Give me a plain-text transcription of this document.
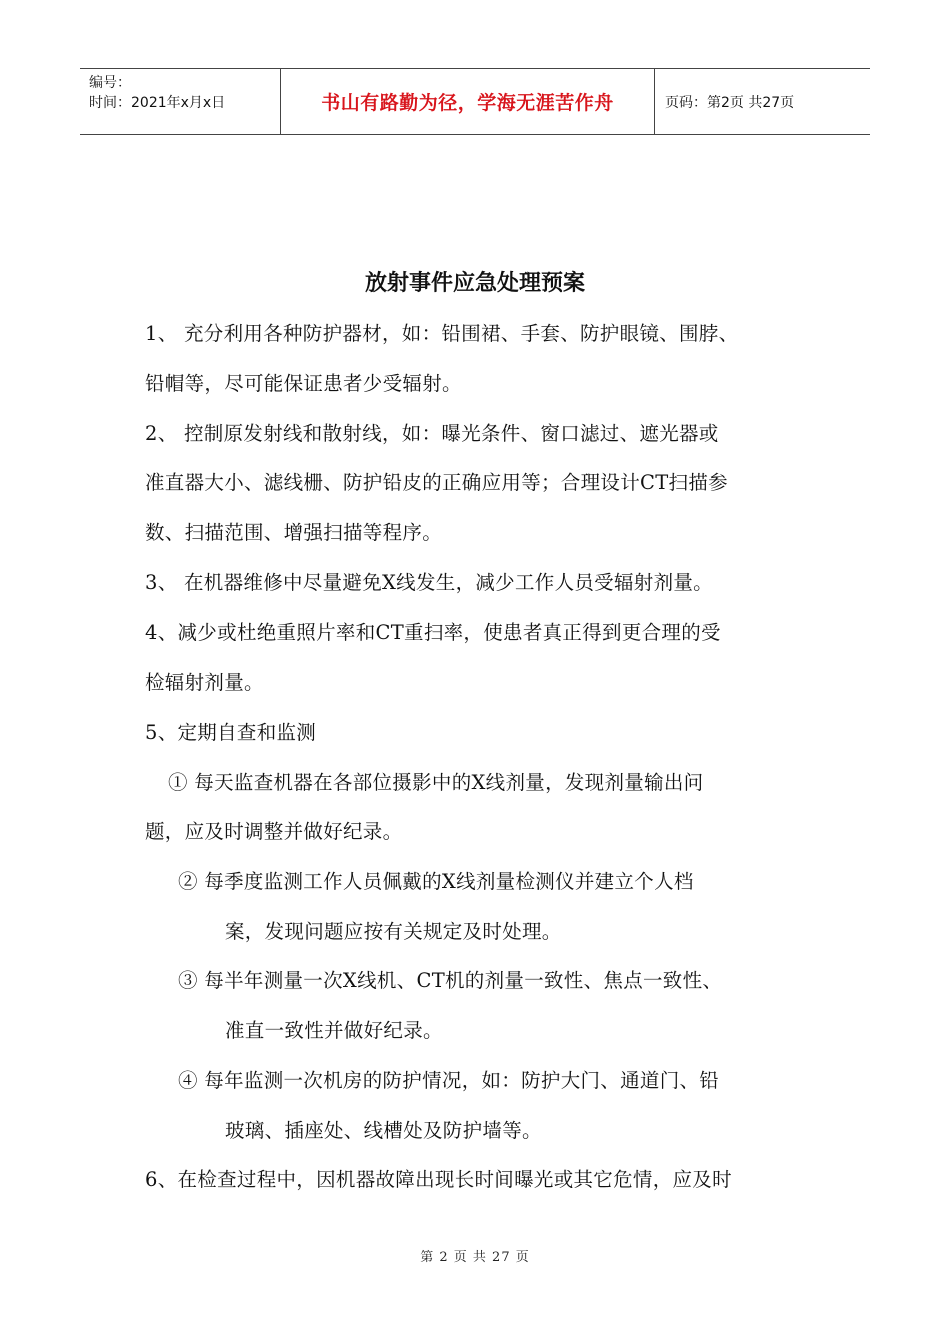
编号：
时间：2021年x月x日	书山有路勤为径，学海无涯苦作舟	页码：第2页 共27页
放射事件应急处理预案
1、 充分利用各种防护器材，如：铅围裙、手套、防护眼镜、围脖、
铅帽等，尽可能保证患者少受辐射。
2、 控制原发射线和散射线，如：曝光条件、窗口滤过、遮光器或
准直器大小、滤线栅、防护铅皮的正确应用等；合理设计CT扫描参
数、扫描范围、增强扫描等程序。
3、 在机器维修中尽量避免X线发生，减少工作人员受辐射剂量。
4、减少或杜绝重照片率和CT重扫率，使患者真正得到更合理的受
检辐射剂量。
5、定期自查和监测
① 每天监查机器在各部位摄影中的X线剂量，发现剂量输出问
题，应及时调整并做好纪录。
② 每季度监测工作人员佩戴的X线剂量检测仪并建立个人档
案，发现问题应按有关规定及时处理。
③ 每半年测量一次X线机、CT机的剂量一致性、焦点一致性、
准直一致性并做好纪录。
④ 每年监测一次机房的防护情况，如：防护大门、通道门、铅
玻璃、插座处、线槽处及防护墙等。
6、在检查过程中，因机器故障出现长时间曝光或其它危情，应及时
第 2 页 共 27 页
